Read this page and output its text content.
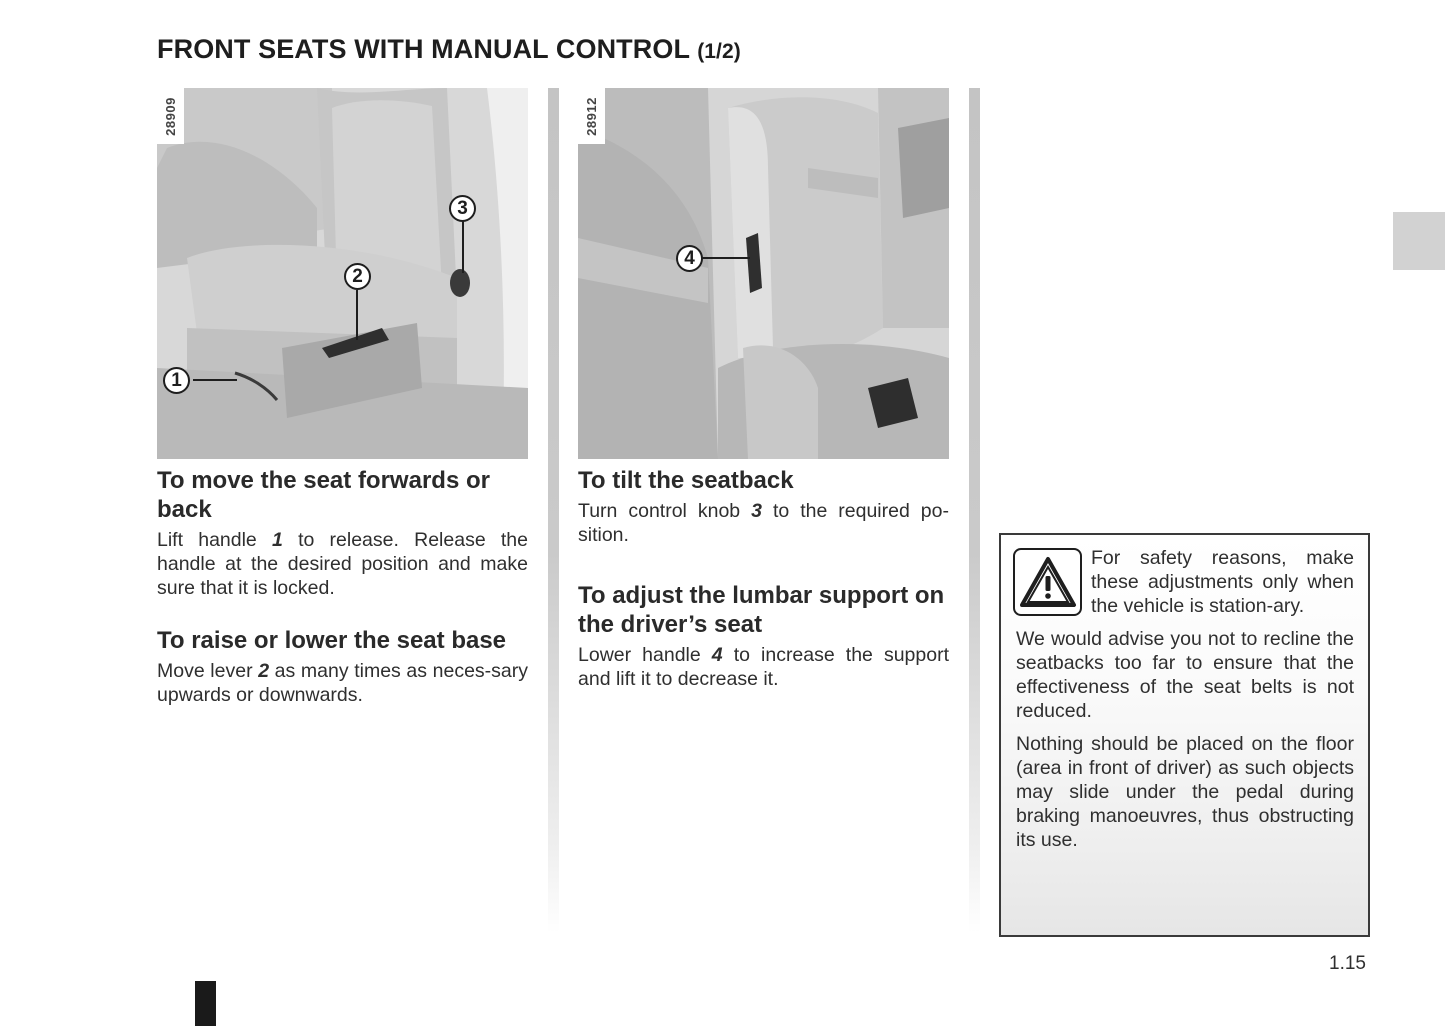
FRONT SEATS WITH MANUAL CONTROL (1/2)
28909
1
2
3
28912
4
To move the seat forwards or back

Lift handle 1 to release. Release the handle at the desired position and make sure that it is locked.

To raise or lower the seat base

Move lever 2 as many times as neces-sary upwards or downwards.

To tilt the seatback

Turn control knob 3 to the required po-sition.

To adjust the lumbar support on the driver’s seat

Lower handle 4 to increase the support and lift it to decrease it.

For safety reasons, make these adjustments only when the vehicle is station-ary.

We would advise you not to recline the seatbacks too far to ensure that the effectiveness of the seat belts is not reduced.

Nothing should be placed on the floor (area in front of driver) as such objects may slide under the pedal during braking manoeuvres, thus obstructing its use.

1.15
